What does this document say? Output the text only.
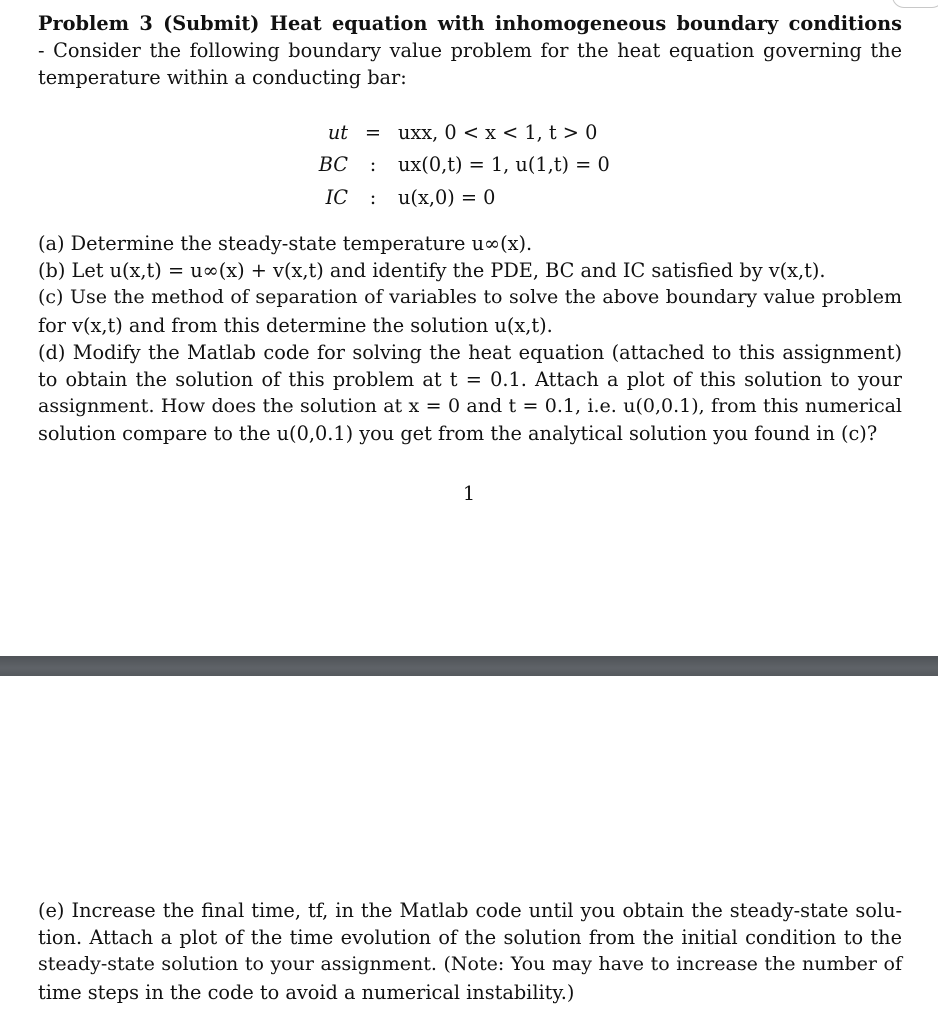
Problem 3 (Submit) Heat equation with inhomogeneous boundary conditions
- Consider the following boundary value problem for the heat equation governing the
temperature within a conducting bar:
ut	=	uxx, 0 < x < 1, t > 0
BC	:	ux(0,t) = 1, u(1,t) = 0
IC	:	u(x,0) = 0
(a) Determine the steady-state temperature u∞(x).
(b) Let u(x,t) = u∞(x) + v(x,t) and identify the PDE, BC and IC satisfied by v(x,t).
(c) Use the method of separation of variables to solve the above boundary value problem
for v(x,t) and from this determine the solution u(x,t).
(d) Modify the Matlab code for solving the heat equation (attached to this assignment)
to obtain the solution of this problem at t = 0.1. Attach a plot of this solution to your
assignment. How does the solution at x = 0 and t = 0.1, i.e. u(0,0.1), from this numerical
solution compare to the u(0,0.1) you get from the analytical solution you found in (c)?
1
(e) Increase the final time, tf, in the Matlab code until you obtain the steady-state solu-
tion. Attach a plot of the time evolution of the solution from the initial condition to the
steady-state solution to your assignment. (Note: You may have to increase the number of
time steps in the code to avoid a numerical instability.)
